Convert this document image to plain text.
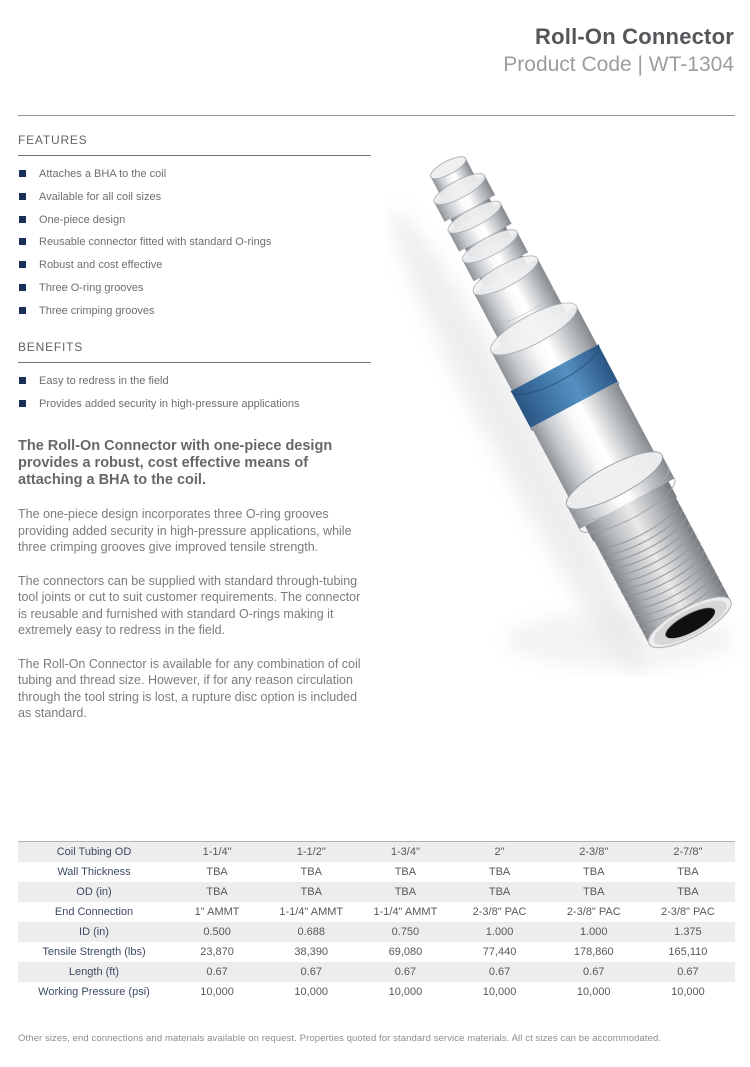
Roll-On Connector
Product Code | WT-1304
FEATURES
Attaches a BHA to the coil
Available for all coil sizes
One-piece design
Reusable connector fitted with standard O-rings
Robust and cost effective
Three O-ring grooves
Three crimping grooves
BENEFITS
Easy to redress in the field
Provides added security in high-pressure applications
The Roll-On Connector with one-piece design provides a robust, cost effective means of attaching a BHA to the coil.
The one-piece design incorporates three O-ring grooves providing added security in high-pressure applications, while three crimping grooves give improved tensile strength.
The connectors can be supplied with standard through-tubing tool joints or cut to suit customer requirements. The connector is reusable and furnished with standard O-rings making it extremely easy to redress in the field.
The Roll-On Connector is available for any combination of coil tubing and thread size. However, if for any reason circulation through the tool string is lost, a rupture disc option is included as standard.
Coil Tubing OD	1-1/4"	1-1/2"	1-3/4"	2"	2-3/8"	2-7/8"
Wall Thickness	TBA	TBA	TBA	TBA	TBA	TBA
OD (in)	TBA	TBA	TBA	TBA	TBA	TBA
End Connection	1" AMMT	1-1/4" AMMT	1-1/4" AMMT	2-3/8" PAC	2-3/8" PAC	2-3/8" PAC
ID (in)	0.500	0.688	0.750	1.000	1.000	1.375
Tensile Strength (lbs)	23,870	38,390	69,080	77,440	178,860	165,110
Length (ft)	0.67	0.67	0.67	0.67	0.67	0.67
Working Pressure (psi)	10,000	10,000	10,000	10,000	10,000	10,000
Other sizes, end connections and materials available on request. Properties quoted for standard service materials. All ct sizes can be accommodated.
